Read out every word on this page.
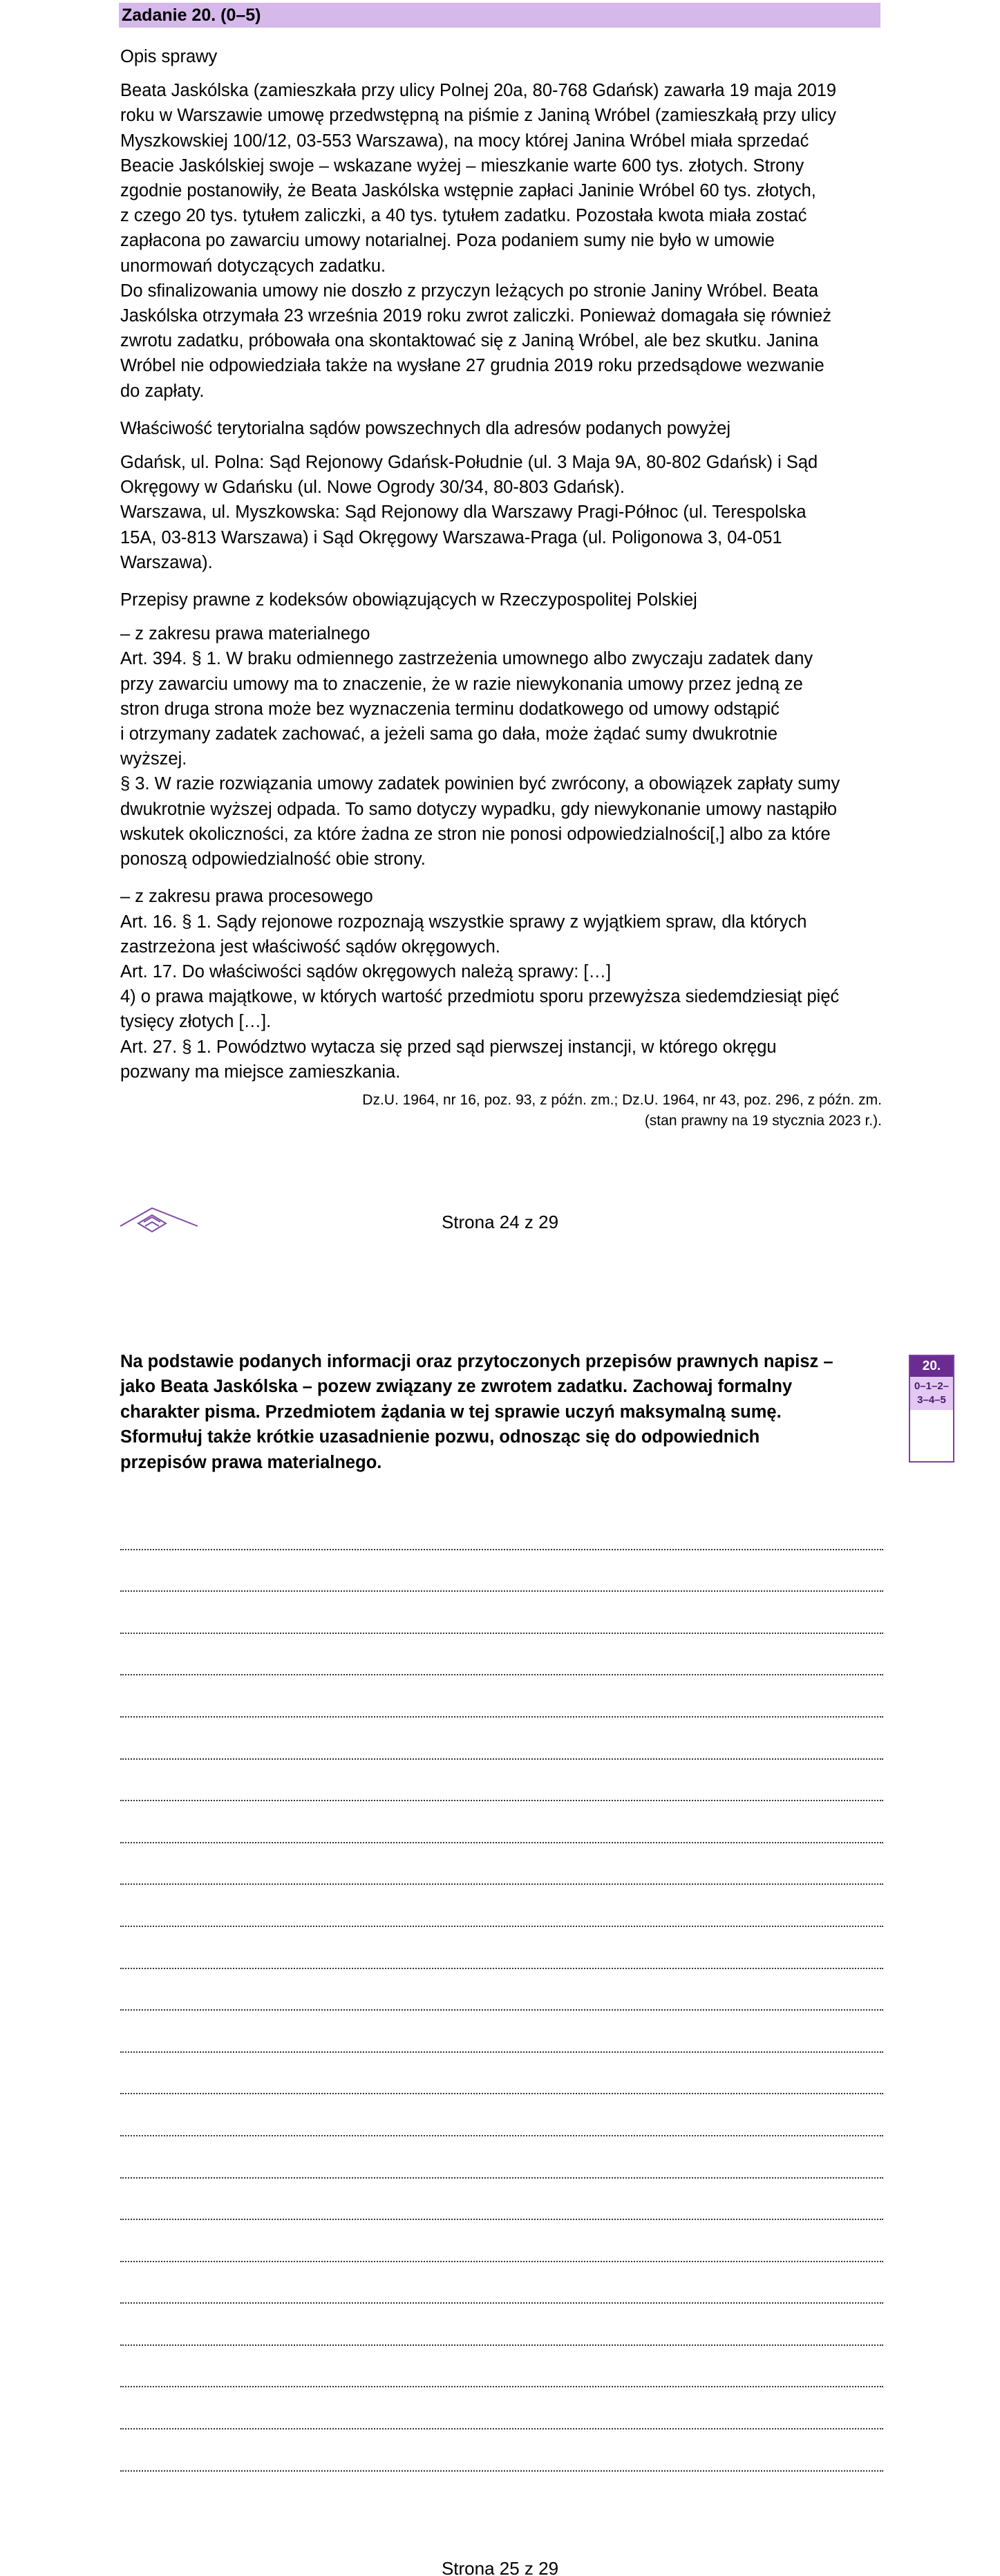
Zadanie 20. (0–5)

Opis sprawy

Beata Jaskólska (zamieszkała przy ulicy Polnej 20a, 80-768 Gdańsk) zawarła 19 maja 2019

roku w Warszawie umowę przedwstępną na piśmie z Janiną Wróbel (zamieszkałą przy ulicy

Myszkowskiej 100/12, 03-553 Warszawa), na mocy której Janina Wróbel miała sprzedać

Beacie Jaskólskiej swoje – wskazane wyżej – mieszkanie warte 600 tys. złotych. Strony

zgodnie postanowiły, że Beata Jaskólska wstępnie zapłaci Janinie Wróbel 60 tys. złotych,

z czego 20 tys. tytułem zaliczki, a 40 tys. tytułem zadatku. Pozostała kwota miała zostać

zapłacona po zawarciu umowy notarialnej. Poza podaniem sumy nie było w umowie

unormowań dotyczących zadatku.

Do sfinalizowania umowy nie doszło z przyczyn leżących po stronie Janiny Wróbel. Beata

Jaskólska otrzymała 23 września 2019 roku zwrot zaliczki. Ponieważ domagała się również

zwrotu zadatku, próbowała ona skontaktować się z Janiną Wróbel, ale bez skutku. Janina

Wróbel nie odpowiedziała także na wysłane 27 grudnia 2019 roku przedsądowe wezwanie

do zapłaty.

Właściwość terytorialna sądów powszechnych dla adresów podanych powyżej

Gdańsk, ul. Polna: Sąd Rejonowy Gdańsk-Południe (ul. 3 Maja 9A, 80-802 Gdańsk) i Sąd

Okręgowy w Gdańsku (ul. Nowe Ogrody 30/34, 80-803 Gdańsk).

Warszawa, ul. Myszkowska: Sąd Rejonowy dla Warszawy Pragi-Północ (ul. Terespolska

15A, 03-813 Warszawa) i Sąd Okręgowy Warszawa-Praga (ul. Poligonowa 3, 04-051

Warszawa).

Przepisy prawne z kodeksów obowiązujących w Rzeczypospolitej Polskiej

– z zakresu prawa materialnego

Art. 394. § 1. W braku odmiennego zastrzeżenia umownego albo zwyczaju zadatek dany

przy zawarciu umowy ma to znaczenie, że w razie niewykonania umowy przez jedną ze

stron druga strona może bez wyznaczenia terminu dodatkowego od umowy odstąpić

i otrzymany zadatek zachować, a jeżeli sama go dała, może żądać sumy dwukrotnie

wyższej.

§ 3. W razie rozwiązania umowy zadatek powinien być zwrócony, a obowiązek zapłaty sumy

dwukrotnie wyższej odpada. To samo dotyczy wypadku, gdy niewykonanie umowy nastąpiło

wskutek okoliczności, za które żadna ze stron nie ponosi odpowiedzialności[,] albo za które

ponoszą odpowiedzialność obie strony.

– z zakresu prawa procesowego

Art. 16. § 1. Sądy rejonowe rozpoznają wszystkie sprawy z wyjątkiem spraw, dla których

zastrzeżona jest właściwość sądów okręgowych.

Art. 17. Do właściwości sądów okręgowych należą sprawy: […]

4) o prawa majątkowe, w których wartość przedmiotu sporu przewyższa siedemdziesiąt pięć

tysięcy złotych […].

Art. 27. § 1. Powództwo wytacza się przed sąd pierwszej instancji, w którego okręgu

pozwany ma miejsce zamieszkania.

Dz.U. 1964, nr 16, poz. 93, z późn. zm.; Dz.U. 1964, nr 43, poz. 296, z późn. zm.
(stan prawny na 19 stycznia 2023 r.).
Strona 24 z 29
Na podstawie podanych informacji oraz przytoczonych przepisów prawnych napisz –
jako Beata Jaskólska – pozew związany ze zwrotem zadatku. Zachowaj formalny
charakter pisma. Przedmiotem żądania w tej sprawie uczyń maksymalną sumę.
Sformułuj także krótkie uzasadnienie pozwu, odnosząc się do odpowiednich
przepisów prawa materialnego.
20.
0–1–2–
3–4–5
Strona 25 z 29
